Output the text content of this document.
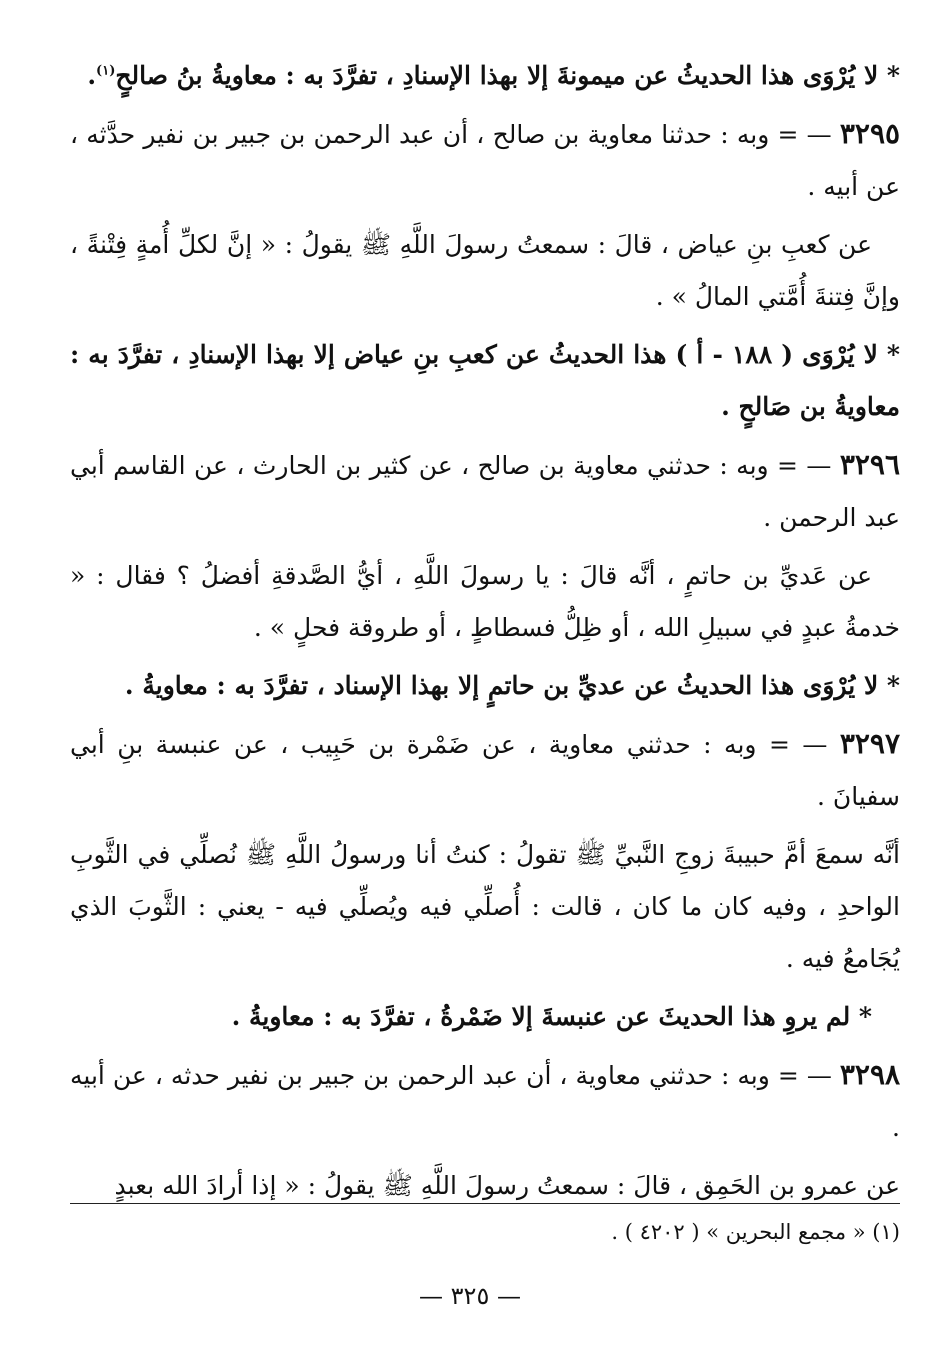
* لا يُرْوَى هذا الحديثُ عن ميمونةَ إلا بهذا الإسنادِ ، تفرَّدَ به : معاويةُ بنُ صالحٍ$^{(١)}$.

٣٢٩٥ — = وبه : حدثنا معاوية بن صالح ، أن عبد الرحمن بن جبير بن نفير حدَّثه ، عن أبيه .

عن كعبِ بنِ عياض ، قالَ : سمعتُ رسولَ اللَّهِ ﷺ يقولُ : « إنَّ لكلِّ أُمةٍ فِتْنةً ، وإنَّ فِتنةَ أُمَّتي المالُ » .

* لا يُرْوَى ( ١٨٨ - أ ) هذا الحديثُ عن كعبِ بنِ عياض إلا بهذا الإسنادِ ، تفرَّدَ به : معاويةُ بن صَالحٍ .

٣٢٩٦ — = وبه : حدثني معاوية بن صالح ، عن كثير بن الحارث ، عن القاسم أبي عبد الرحمن .

عن عَديِّ بن حاتمٍ ، أنَّه قالَ : يا رسولَ اللَّهِ ، أيُّ الصَّدقةِ أفضلُ ؟ فقال : « خدمةُ عبدٍ في سبيلِ الله ، أو ظِلُّ فسطاطٍ ، أو طروقة فحلٍ » .

* لا يُرْوَى هذا الحديثُ عن عديِّ بن حاتمٍ إلا بهذا الإسناد ، تفرَّدَ به : معاويةُ .

٣٢٩٧ — = وبه : حدثني معاوية ، عن ضَمْرة بن حَبِيب ، عن عنبسة بنِ أبي سفيانَ .

أنَّه سمعَ أمَّ حبيبةَ زوجِ النَّبيِّ ﷺ تقولُ : كنتُ أنا ورسولُ اللَّهِ ﷺ نُصلِّي في الثَّوبِ الواحدِ ، وفيه كان ما كان ، قالت : أُصلِّي فيه ويُصلِّي فيه - يعني : الثَّوبَ الذي يُجَامعُ فيه .

* لم يروِ هذا الحديثَ عن عنبسةَ إلا ضَمْرةُ ، تفرَّدَ به : معاويةُ .

٣٢٩٨ — = وبه : حدثني معاوية ، أن عبد الرحمن بن جبير بن نفير حدثه ، عن أبيه .

عن عمرو بن الحَمِق ، قالَ : سمعتُ رسولَ اللَّهِ ﷺ يقولُ : « إذا أرادَ الله بعبدٍ

(١) « مجمع البحرين » ( ٤٢٠٢ ) .
— ٣٢٥ —
